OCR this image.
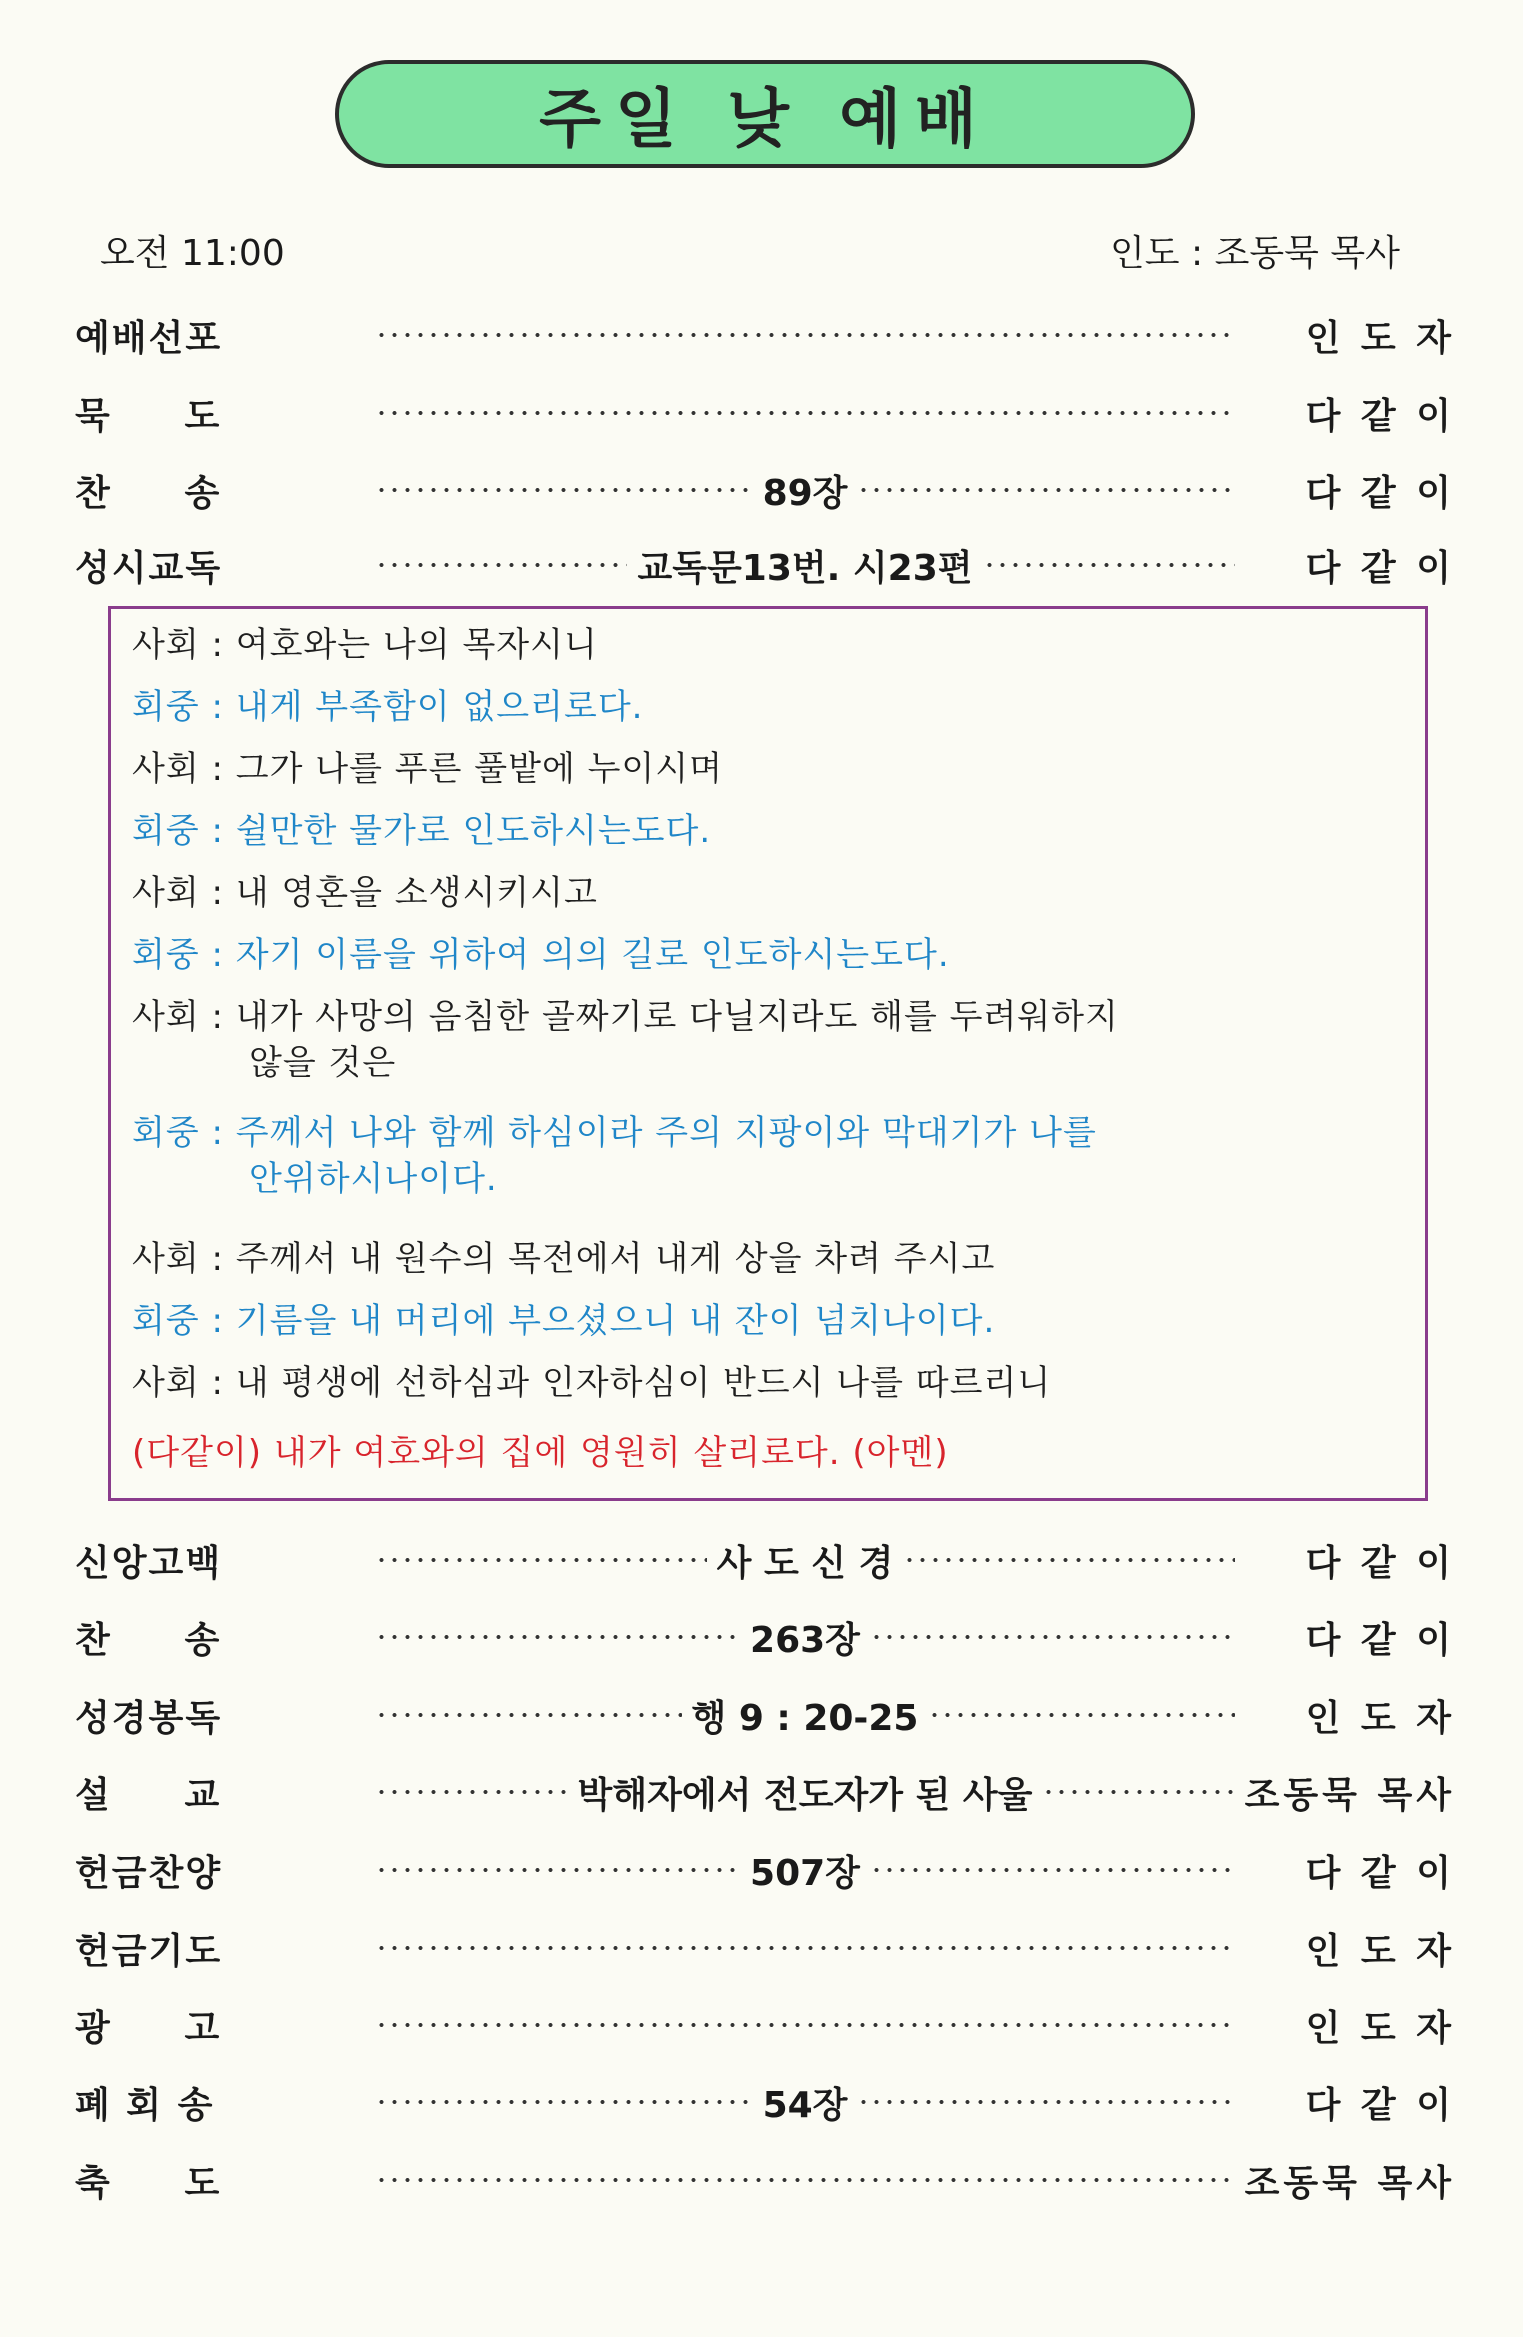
주일 낮 예배
오전 11:00	인도 : 조동묵 목사
예배선포	인 도 자
묵     도	다 같 이
찬     송	89장	다 같 이
성시교독	교독문13번. 시23편	다 같 이
사회 : 여호와는 나의 목자시니
회중 : 내게 부족함이 없으리로다.
사회 : 그가 나를 푸른 풀밭에 누이시며
회중 : 쉴만한 물가로 인도하시는도다.
사회 : 내 영혼을 소생시키시고
회중 : 자기 이름을 위하여 의의 길로 인도하시는도다.
사회 : 내가 사망의 음침한 골짜기로 다닐지라도 해를 두려워하지
않을 것은
회중 : 주께서 나와 함께 하심이라 주의 지팡이와 막대기가 나를
안위하시나이다.
사회 : 주께서 내 원수의 목전에서 내게 상을 차려 주시고
회중 : 기름을 내 머리에 부으셨으니 내 잔이 넘치나이다.
사회 : 내 평생에 선하심과 인자하심이 반드시 나를 따르리니
(다같이) 내가 여호와의 집에 영원히 살리로다. (아멘)
신앙고백	사 도 신 경	다 같 이
찬     송	263장	다 같 이
성경봉독	행 9 : 20-25	인 도 자
설     교	박해자에서 전도자가 된 사울	조동묵 목사
헌금찬양	507장	다 같 이
헌금기도	인 도 자
광     고	인 도 자
폐 회 송	54장	다 같 이
축     도	조동묵 목사
